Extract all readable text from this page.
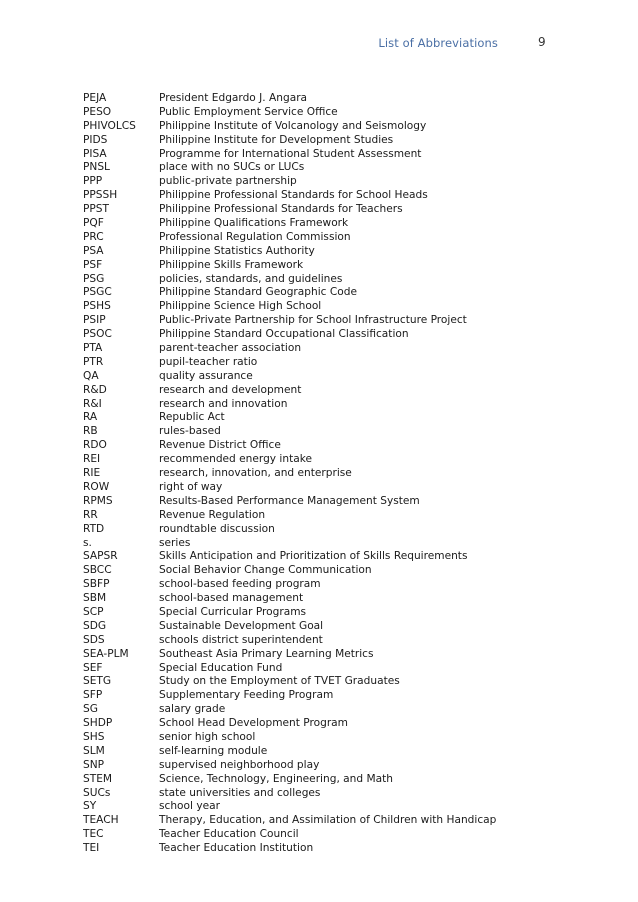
List of Abbreviations	9
PEJA	President Edgardo J. Angara
PESO	Public Employment Service Office
PHIVOLCS	Philippine Institute of Volcanology and Seismology
PIDS	Philippine Institute for Development Studies
PISA	Programme for International Student Assessment
PNSL	place with no SUCs or LUCs
PPP	public-private partnership
PPSSH	Philippine Professional Standards for School Heads
PPST	Philippine Professional Standards for Teachers
PQF	Philippine Qualifications Framework
PRC	Professional Regulation Commission
PSA	Philippine Statistics Authority
PSF	Philippine Skills Framework
PSG	policies, standards, and guidelines
PSGC	Philippine Standard Geographic Code
PSHS	Philippine Science High School
PSIP	Public-Private Partnership for School Infrastructure Project
PSOC	Philippine Standard Occupational Classification
PTA	parent-teacher association
PTR	pupil-teacher ratio
QA	quality assurance
R&D	research and development
R&I	research and innovation
RA	Republic Act
RB	rules-based
RDO	Revenue District Office
REI	recommended energy intake
RIE	research, innovation, and enterprise
ROW	right of way
RPMS	Results-Based Performance Management System
RR	Revenue Regulation
RTD	roundtable discussion
s.	series
SAPSR	Skills Anticipation and Prioritization of Skills Requirements
SBCC	Social Behavior Change Communication
SBFP	school-based feeding program
SBM	school-based management
SCP	Special Curricular Programs
SDG	Sustainable Development Goal
SDS	schools district superintendent
SEA-PLM	Southeast Asia Primary Learning Metrics
SEF	Special Education Fund
SETG	Study on the Employment of TVET Graduates
SFP	Supplementary Feeding Program
SG	salary grade
SHDP	School Head Development Program
SHS	senior high school
SLM	self-learning module
SNP	supervised neighborhood play
STEM	Science, Technology, Engineering, and Math
SUCs	state universities and colleges
SY	school year
TEACH	Therapy, Education, and Assimilation of Children with Handicap
TEC	Teacher Education Council
TEI	Teacher Education Institution
